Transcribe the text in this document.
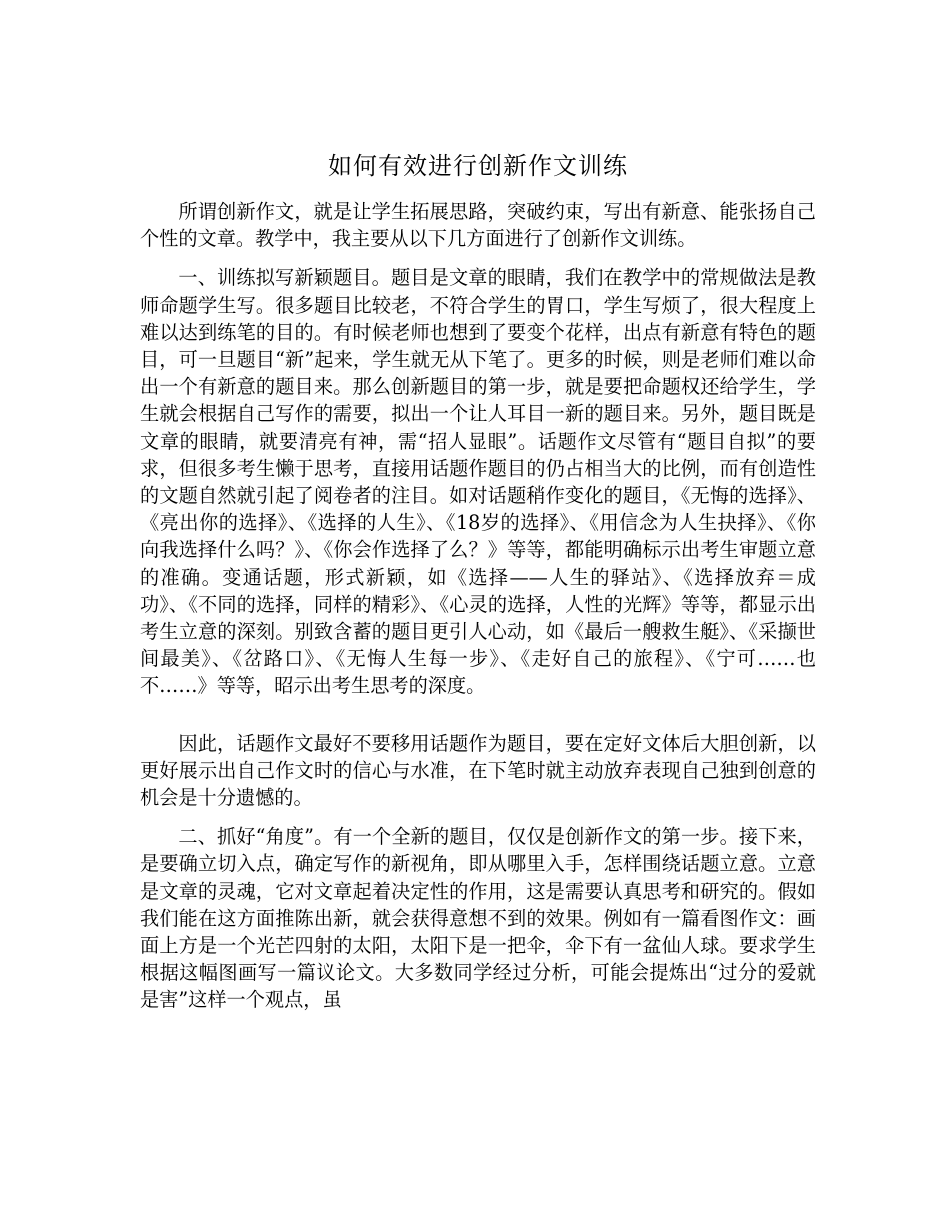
如何有效进行创新作文训练

所谓创新作文，就是让学生拓展思路，突破约束，写出有新意、能张扬自己个性的文章。教学中，我主要从以下几方面进行了创新作文训练。

一、训练拟写新颖题目。题目是文章的眼睛，我们在教学中的常规做法是教师命题学生写。很多题目比较老，不符合学生的胃口，学生写烦了，很大程度上难以达到练笔的目的。有时候老师也想到了要变个花样，出点有新意有特色的题目，可一旦题目“新”起来，学生就无从下笔了。更多的时候，则是老师们难以命出一个有新意的题目来。那么创新题目的第一步，就是要把命题权还给学生，学生就会根据自己写作的需要，拟出一个让人耳目一新的题目来。另外，题目既是文章的眼睛，就要清亮有神，需“招人显眼”。话题作文尽管有“题目自拟”的要求，但很多考生懒于思考，直接用话题作题目的仍占相当大的比例，而有创造性的文题自然就引起了阅卷者的注目。如对话题稍作变化的题目，《无悔的选择》、《亮出你的选择》、《选择的人生》、《18岁的选择》、《用信念为人生抉择》、《你向我选择什么吗？》、《你会作选择了么？》等等，都能明确标示出考生审题立意的准确。变通话题，形式新颖，如《选择——人生的驿站》、《选择放弃＝成功》、《不同的选择，同样的精彩》、《心灵的选择，人性的光辉》等等，都显示出考生立意的深刻。别致含蓄的题目更引人心动，如《最后一艘救生艇》、《采撷世间最美》、《岔路口》、《无悔人生每一步》、《走好自己的旅程》、《宁可……也不……》等等，昭示出考生思考的深度。

因此，话题作文最好不要移用话题作为题目，要在定好文体后大胆创新，以更好展示出自己作文时的信心与水准，在下笔时就主动放弃表现自己独到创意的机会是十分遗憾的。

二、抓好“角度”。有一个全新的题目，仅仅是创新作文的第一步。接下来，是要确立切入点，确定写作的新视角，即从哪里入手，怎样围绕话题立意。立意是文章的灵魂，它对文章起着决定性的作用，这是需要认真思考和研究的。假如我们能在这方面推陈出新，就会获得意想不到的效果。例如有一篇看图作文：画面上方是一个光芒四射的太阳，太阳下是一把伞，伞下有一盆仙人球。要求学生根据这幅图画写一篇议论文。大多数同学经过分析，可能会提炼出“过分的爱就是害”这样一个观点，虽
